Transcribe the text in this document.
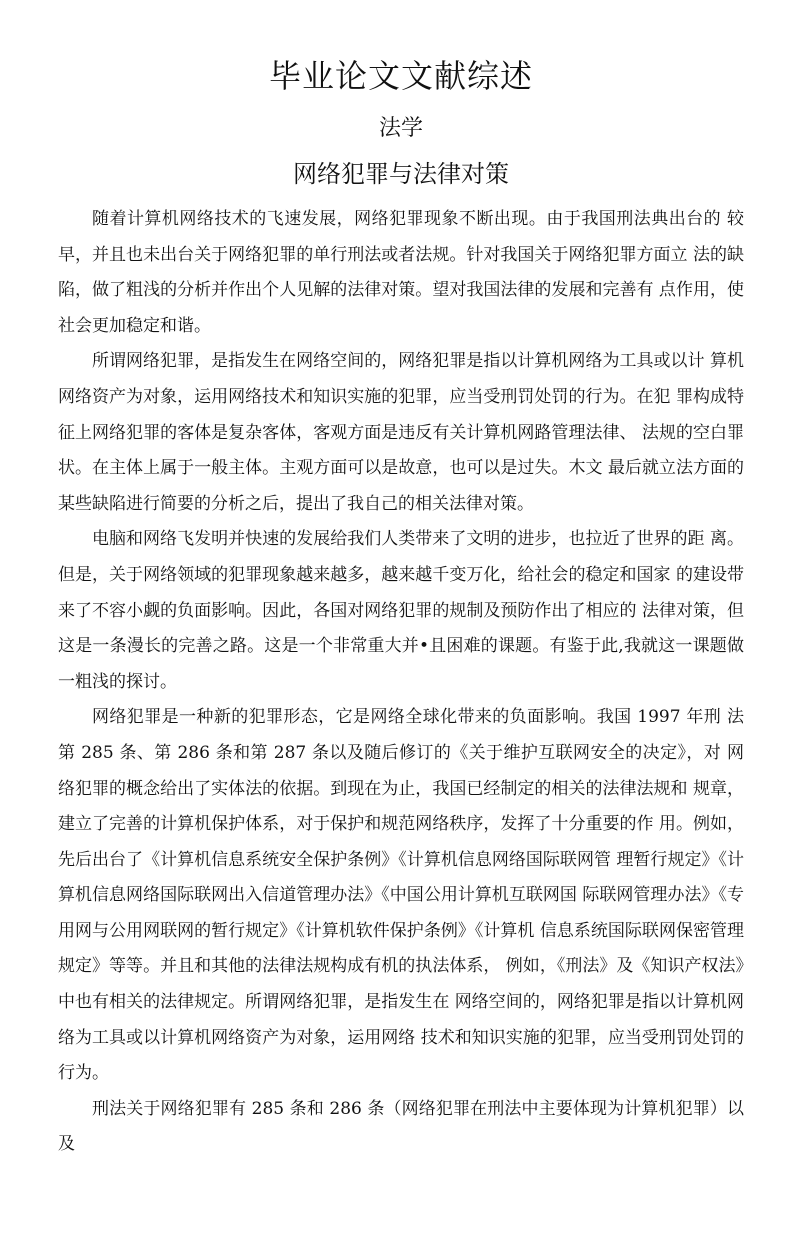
毕业论文文献综述
法学
网络犯罪与法律对策

随着计算机网络技术的飞速发展，网络犯罪现象不断出现。由于我国刑法典出台的 较早，并且也未出台关于网络犯罪的单行刑法或者法规。针对我国关于网络犯罪方面立 法的缺陷，做了粗浅的分析并作出个人见解的法律对策。望对我国法律的发展和完善有 点作用，使社会更加稳定和谐。

所谓网络犯罪，是指发生在网络空间的，网络犯罪是指以计算机网络为工具或以计 算机网络资产为对象，运用网络技术和知识实施的犯罪，应当受刑罚处罚的行为。在犯 罪构成特征上网络犯罪的客体是复杂客体，客观方面是违反有关计算机网路管理法律、 法规的空白罪状。在主体上属于一般主体。主观方面可以是故意，也可以是过失。木文 最后就立法方面的某些缺陷进行简要的分析之后，提出了我自己的相关法律对策。

电脑和网络飞发明并快速的发展给我们人类带来了文明的进步，也拉近了世界的距 离。但是，关于网络领域的犯罪现象越来越多，越来越千变万化，给社会的稳定和国家 的建设带来了不容小觑的负面影响。因此，各国对网络犯罪的规制及预防作出了相应的 法律对策，但这是一条漫长的完善之路。这是一个非常重大并•且困难的课题。有鉴于此,我就这一课题做一粗浅的探讨。

网络犯罪是一种新的犯罪形态，它是网络全球化带来的负面影响。我国 1997 年刑 法第 285 条、第 286 条和第 287 条以及随后修订的《关于维护互联网安全的决定》，对 网络犯罪的概念给出了实体法的依据。到现在为止，我国已经制定的相关的法律法规和 规章，建立了完善的计算机保护体系，对于保护和规范网络秩序，发挥了十分重要的作 用。例如，先后出台了《计算机信息系统安全保护条例》《计算机信息网络国际联网管 理暂行规定》《计算机信息网络国际联网出入信道管理办法》《中国公用计算机互联网国 际联网管理办法》《专用网与公用网联网的暂行规定》《计算机软件保护条例》《计算机 信息系统国际联网保密管理规定》等等。并且和其他的法律法规构成有机的执法体系， 例如，《刑法》及《知识产权法》中也有相关的法律规定。所谓网络犯罪，是指发生在 网络空间的，网络犯罪是指以计算机网络为工具或以计算机网络资产为对象，运用网络 技术和知识实施的犯罪，应当受刑罚处罚的行为。

刑法关于网络犯罪有 285 条和 286 条（网络犯罪在刑法中主要体现为计算机犯罪）以及
